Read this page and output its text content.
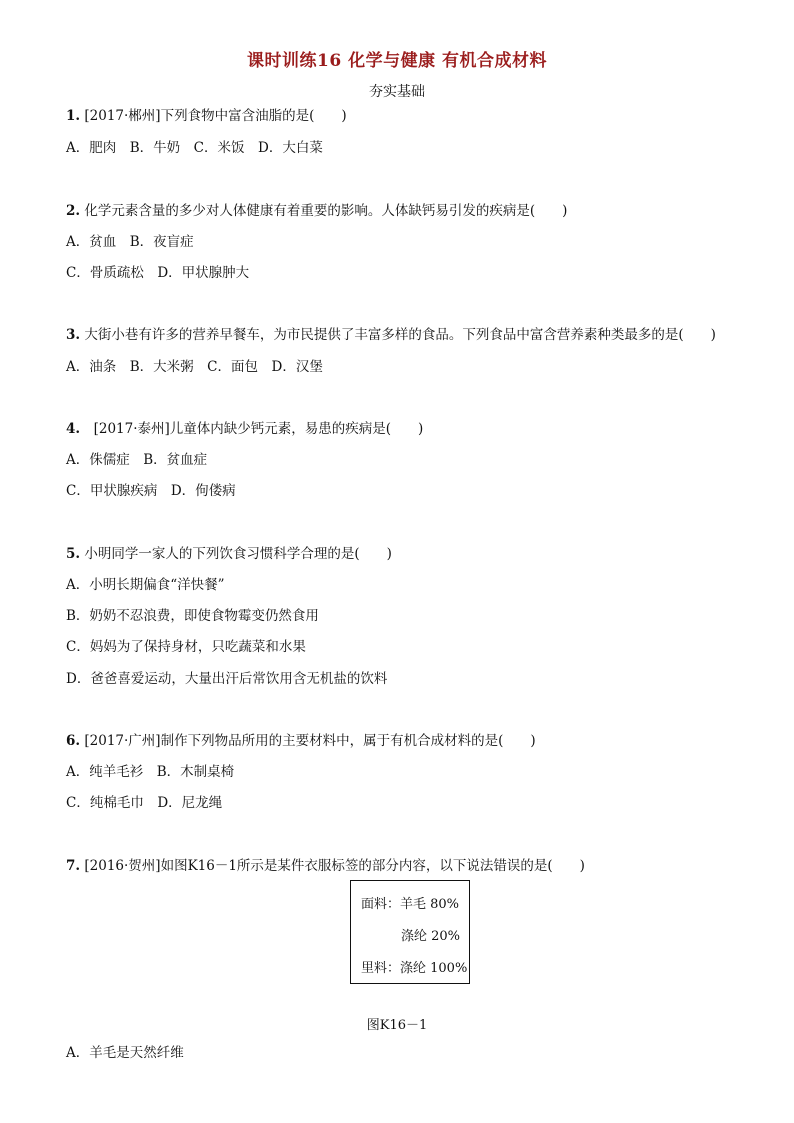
课时训练16 化学与健康 有机合成材料
夯实基础
1. [2017·郴州]下列食物中富含油脂的是(　　)
A．肥肉　B．牛奶　C．米饭　D．大白菜
2. 化学元素含量的多少对人体健康有着重要的影响。人体缺钙易引发的疾病是(　　)
A．贫血　B．夜盲症
C．骨质疏松　D．甲状腺肿大
3. 大街小巷有许多的营养早餐车，为市民提供了丰富多样的食品。下列食品中富含营养素种类最多的是(　　)
A．油条　B．大米粥　C．面包　D．汉堡
4.　[2017·泰州]儿童体内缺少钙元素，易患的疾病是(　　)
A．侏儒症　B．贫血症
C．甲状腺疾病　D．佝偻病
5. 小明同学一家人的下列饮食习惯科学合理的是(　　)
A．小明长期偏食“洋快餐”
B．奶奶不忍浪费，即使食物霉变仍然食用
C．妈妈为了保持身材，只吃蔬菜和水果
D．爸爸喜爱运动，大量出汗后常饮用含无机盐的饮料
6. [2017·广州]制作下列物品所用的主要材料中，属于有机合成材料的是(　　)
A．纯羊毛衫　B．木制桌椅
C．纯棉毛巾　D．尼龙绳
7. [2016·贺州]如图K16－1所示是某件衣服标签的部分内容，以下说法错误的是(　　)
面料：羊毛 80%
涤纶 20%
里料：涤纶 100%
图K16－1
A．羊毛是天然纤维
